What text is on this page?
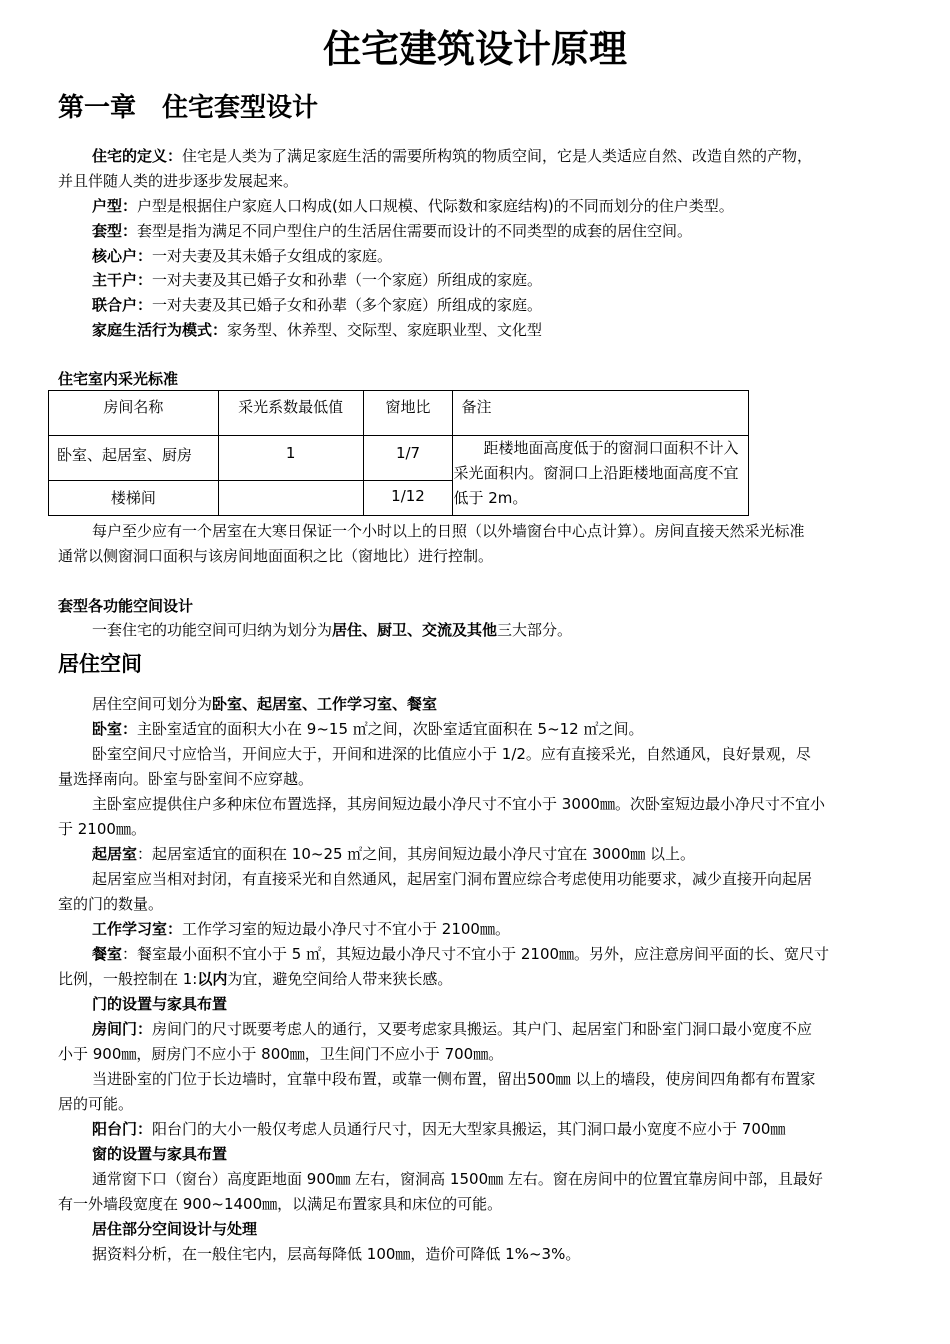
住宅建筑设计原理
第一章　住宅套型设计
住宅的定义：住宅是人类为了满足家庭生活的需要所构筑的物质空间，它是人类适应自然、改造自然的产物，
并且伴随人类的进步逐步发展起来。
户型：户型是根据住户家庭人口构成(如人口规模、代际数和家庭结构)的不同而划分的住户类型。
套型：套型是指为满足不同户型住户的生活居住需要而设计的不同类型的成套的居住空间。
核心户：一对夫妻及其未婚子女组成的家庭。
主干户：一对夫妻及其已婚子女和孙辈（一个家庭）所组成的家庭。
联合户：一对夫妻及其已婚子女和孙辈（多个家庭）所组成的家庭。
家庭生活行为模式：家务型、休养型、交际型、家庭职业型、文化型
住宅室内采光标准
房间名称	采光系数最低值	窗地比	备注
卧室、起居室、厨房	1	1/7	　　距楼地面高度低于的窗洞口面积不计入采光面积内。窗洞口上沿距楼地面高度不宜低于 2m。
楼梯间		1/12	
每户至少应有一个居室在大寒日保证一个小时以上的日照（以外墙窗台中心点计算）。房间直接天然采光标准
通常以侧窗洞口面积与该房间地面面积之比（窗地比）进行控制。
套型各功能空间设计
一套住宅的功能空间可归纳为划分为居住、厨卫、交流及其他三大部分。
居住空间
居住空间可划分为卧室、起居室、工作学习室、餐室
卧室：主卧室适宜的面积大小在 9~15 ㎡之间，次卧室适宜面积在 5~12 ㎡之间。
卧室空间尺寸应恰当，开间应大于，开间和进深的比值应小于 1/2。应有直接采光，自然通风，良好景观，尽
量选择南向。卧室与卧室间不应穿越。
主卧室应提供住户多种床位布置选择，其房间短边最小净尺寸不宜小于 3000㎜。次卧室短边最小净尺寸不宜小
于 2100㎜。
起居室：起居室适宜的面积在 10~25 ㎡之间，其房间短边最小净尺寸宜在 3000㎜ 以上。
起居室应当相对封闭，有直接采光和自然通风，起居室门洞布置应综合考虑使用功能要求，减少直接开向起居
室的门的数量。
工作学习室：工作学习室的短边最小净尺寸不宜小于 2100㎜。
餐室：餐室最小面积不宜小于 5 ㎡，其短边最小净尺寸不宜小于 2100㎜。另外，应注意房间平面的长、宽尺寸
比例，一般控制在 1:以内为宜，避免空间给人带来狭长感。
门的设置与家具布置
房间门：房间门的尺寸既要考虑人的通行，又要考虑家具搬运。其户门、起居室门和卧室门洞口最小宽度不应
小于 900㎜，厨房门不应小于 800㎜，卫生间门不应小于 700㎜。
当进卧室的门位于长边墙时，宜靠中段布置，或靠一侧布置，留出500㎜ 以上的墙段，使房间四角都有布置家
居的可能。
阳台门：阳台门的大小一般仅考虑人员通行尺寸，因无大型家具搬运，其门洞口最小宽度不应小于 700㎜
窗的设置与家具布置
通常窗下口（窗台）高度距地面 900㎜ 左右，窗洞高 1500㎜ 左右。窗在房间中的位置宜靠房间中部，且最好
有一外墙段宽度在 900~1400㎜，以满足布置家具和床位的可能。
居住部分空间设计与处理
据资料分析，在一般住宅内，层高每降低 100㎜，造价可降低 1%~3%。
